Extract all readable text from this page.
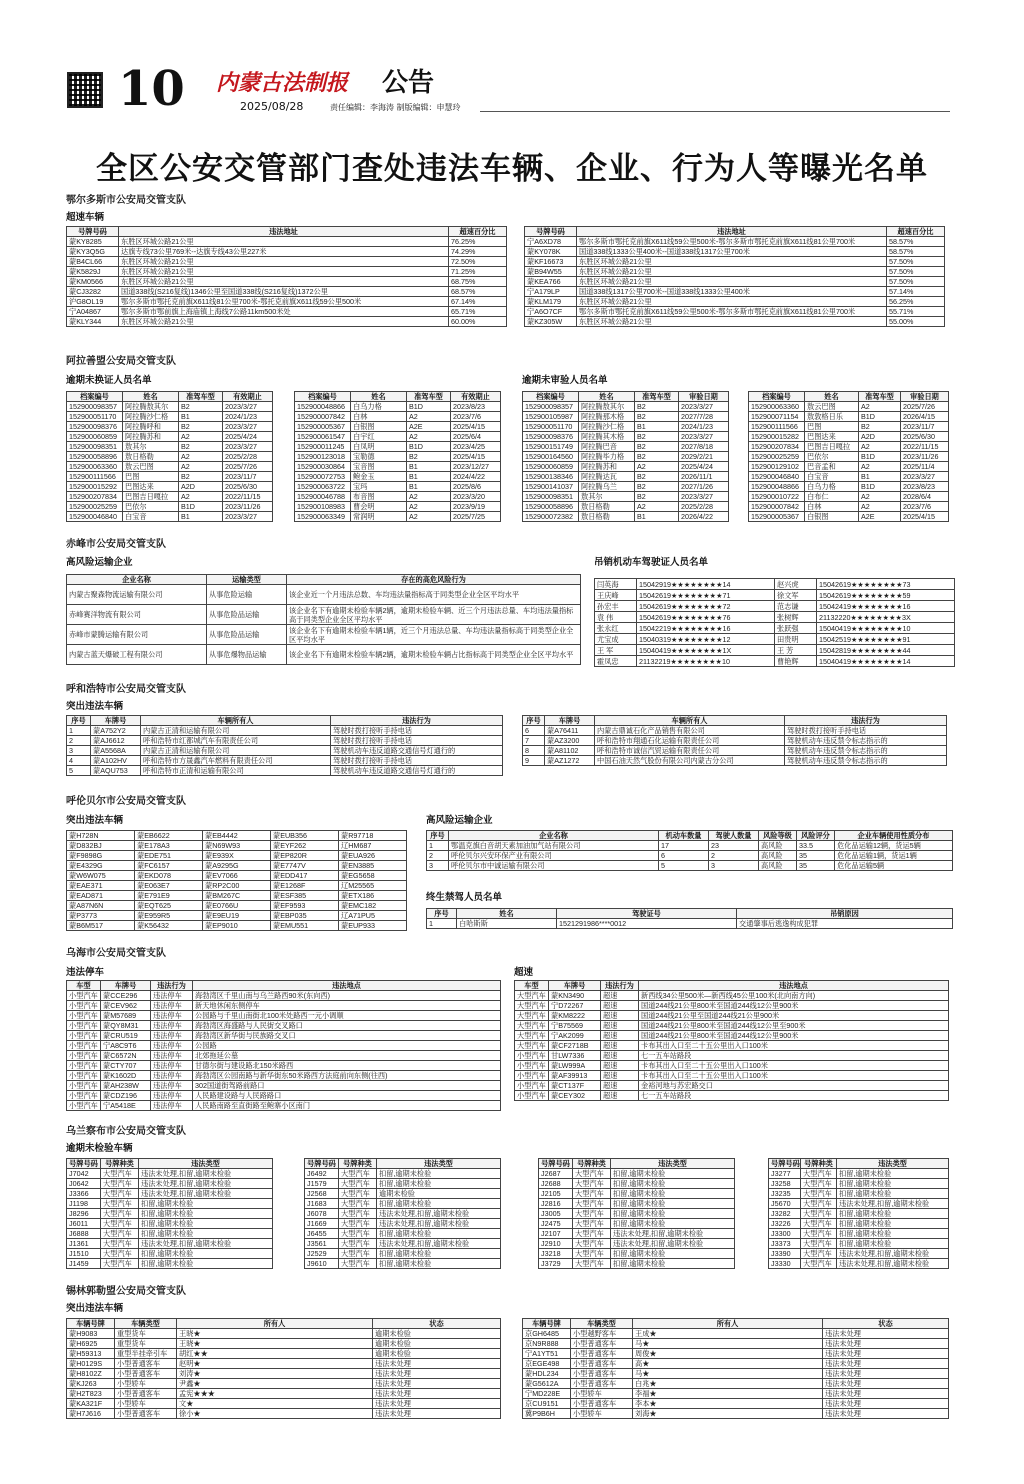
10 内蒙古法制报
2025/08/28
公告
责任编辑：李海涛 制版编辑：申慧玲
全区公安交管部门查处违法车辆、企业、行为人等曝光名单
鄂尔多斯市公安局交管支队
超速车辆
号牌号码	违法地址	超速百分比
蒙KY8285	东胜区环城公路21公里	76.25%
蒙KY3Q5G	达旗专线73公里769米--达旗专线43公里227米	74.29%
蒙B4CL66	东胜区环城公路21公里	72.50%
蒙K5829J	东胜区环城公路21公里	71.25%
蒙KM0566	东胜区环城公路21公里	68.75%
蒙CJ3282	国道338线(S216复线)1346公里至国道338线(S216复线)1372公里	68.57%
沪G8OL19	鄂尔多斯市鄂托克前旗X611线81公里700米-鄂托克前旗X611线59公里500米	67.14%
宁A04867	鄂尔多斯市鄂前旗上海庙镇上海线7公路11km500米处	65.71%
蒙KLY344	东胜区环城公路21公里	60.00%
号牌号码	违法地址	超速百分比
宁A6XD78	鄂尔多斯市鄂托克前旗X611线59公里500米-鄂尔多斯市鄂托克前旗X611线81公里700米	58.57%
蒙KY078K	国道338线1333公里400米--国道338线1317公里700米	58.57%
蒙KF16673	东胜区环城公路21公里	57.50%
蒙B94W55	东胜区环城公路21公里	57.50%
蒙KEA766	东胜区环城公路21公里	57.50%
宁A179LP	国道338线1317公里700米--国道338线1333公里400米	57.14%
蒙KLM179	东胜区环城公路21公里	56.25%
宁A6O7CF	鄂尔多斯市鄂托克前旗X611线59公里500米-鄂尔多斯市鄂托克前旗X611线81公里700米	55.71%
蒙KZ305W	东胜区环城公路21公里	55.00%
阿拉善盟公安局交管支队
逾期未换证人员名单	逾期未审验人员名单
档案编号	姓名	准驾车型	有效期止
152900098357	阿拉腾敖其尔	B2	2023/3/27
152900051170	阿拉腾沙仁格	B1	2024/1/23
152900098376	阿拉腾呼和	B2	2023/3/27
152900060859	阿拉腾苏和	A2	2025/4/24
152900098351	敖其尔	B2	2023/3/27
152900058896	敖日格勒	A2	2025/2/28
152900063360	敖云巴图	A2	2025/7/26
152900111566	巴图	B2	2023/11/7
152900015292	巴图达来	A2D	2025/6/30
152900207834	巴图吉日嘎拉	A2	2022/11/15
152900025259	巴依尔	B1D	2023/11/26
152900046840	白宝音	B1	2023/3/27
档案编号	姓名	准驾车型	有效期止
152900048866	白乌力格	B1D	2023/8/23
152900007842	白林	A2	2023/7/6
152900005367	白银图	A2E	2025/4/15
152900061547	白宇红	A2	2025/6/4
152900011245	白凤明	B1D	2023/4/25
152900123018	宝勒德	B2	2025/4/15
152900030864	宝音图	B1	2023/12/27
152900072753	鲍金玉	B1	2024/4/22
152900063722	宝玛	B1	2025/8/6
152900046788	布音图	A2	2023/3/20
152900108983	曹会明	A2	2023/9/19
152900063349	常润明	A2	2025/7/25
档案编号	姓名	准驾车型	审验日期
152900098357	阿拉腾敖其尔	B2	2023/3/27
152900105987	阿拉腾那木格	B2	2027/7/28
152900051170	阿拉腾沙仁格	B1	2024/1/23
152900098376	阿拉腾其木格	B2	2023/3/27
152900151749	阿拉腾巴音	B2	2027/8/18
152900164560	阿拉腾毕力格	B2	2029/2/21
152900060859	阿拉腾苏和	A2	2025/4/24
152900138346	阿拉腾达瓦	B2	2026/11/1
152900141037	阿拉腾乌兰	B2	2027/1/26
152900098351	敖其尔	B2	2023/3/27
152900058896	敖日格勒	A2	2025/2/28
152900072382	敖日格勒	B1	2026/4/22
档案编号	姓名	准驾车型	审验日期
152900063360	敖云巴图	A2	2025/7/26
152900071154	敖敦格日乐	B1D	2026/4/15
152900111566	巴图	B2	2023/11/7
152900015282	巴图达来	A2D	2025/6/30
152900207834	巴图吉日嘎拉	A2	2022/11/15
152900025259	巴依尔	B1D	2023/11/26
152900129102	巴音孟和	A2	2025/11/4
152900046840	白宝音	B1	2023/3/27
152900048866	白乌力格	B1D	2023/8/23
152900010722	白布仁	A2	2028/6/4
152900007842	白林	A2	2023/7/6
152900005367	白银图	A2E	2025/4/15
赤峰市公安局交管支队
高风险运输企业	吊销机动车驾驶证人员名单
企业名称	运输类型	存在的高危风险行为
内蒙古聚森物流运输有限公司	从事危险运输	该企业近一个月违法总数、车均违法量指标高于同类型企业全区平均水平
赤峰赛洋物流有限公司	从事危险品运输	该企业名下有逾期未检验车辆2辆，逾期未检验车辆、近三个月违法总量、车均违法量指标高于同类型企业全区平均水平
赤峰市蒙腾运输有限公司	从事危险品运输	该企业名下有逾期未检验车辆1辆，近三个月违法总量、车均违法量指标高于同类型企业全区平均水平
内蒙古蓝天爆破工程有限公司	从事危爆物品运输	该企业名下有逾期未检验车辆2辆，逾期未检验车辆占比指标高于同类型企业全区平均水平
闫英海	15042919★★★★★★★★14	赵兴虎	15042619★★★★★★★★73
王庆峰	15042619★★★★★★★★71	徐文军	15042619★★★★★★★★59
孙宏丰	15042619★★★★★★★★72	范志谦	15042419★★★★★★★★16
袁 伟	15042619★★★★★★★★76	张树辉	21132220★★★★★★★★3X
张永红	15042219★★★★★★★★16	张跃强	15040419★★★★★★★★10
尤宝成	15040319★★★★★★★★12	田贵明	15042519★★★★★★★★91
王 军	15040419★★★★★★★★1X	王 芳	15042819★★★★★★★★44
霍凤忠	21132219★★★★★★★★10	曹艳辉	15040419★★★★★★★★14
呼和浩特市公安局交管支队
突出违法车辆
序号	车牌号	车辆所有人	违法行为
1	蒙A752Y2	内蒙古正清和运输有限公司	驾驶时拨打接听手持电话
2	蒙AJ6612	呼和浩特市红都城汽车有限责任公司	驾驶时拨打接听手持电话
3	蒙A5568A	内蒙古正清和运输有限公司	驾驶机动车违反道路交通信号灯通行的
4	蒙A102HV	呼和浩特市方晟鑫汽车燃料有限责任公司	驾驶时拨打接听手持电话
5	蒙AQU753	呼和浩特市正清和运输有限公司	驾驶机动车违反道路交通信号灯通行的
序号	车牌号	车辆所有人	违法行为
6	蒙A76411	内蒙古鼎诚石化产品销售有限公司	驾驶时拨打接听手持电话
7	蒙AZ3200	呼和浩特市翔通石化运输有限责任公司	驾驶机动车违反禁令标志指示的
8	蒙A81102	呼和浩特市诚信汽贸运输有限责任公司	驾驶机动车违反禁令标志指示的
9	蒙AZ1272	中国石油天然气股份有限公司内蒙古分公司	驾驶机动车违反禁令标志指示的
呼伦贝尔市公安局交管支队
突出违法车辆	高风险运输企业
蒙H728N	蒙EB6622	蒙EB4442	蒙EUB356	蒙R97718
蒙D832BJ	蒙E178A3	蒙N69W93	蒙EYF262	辽HM687
蒙F9898G	蒙EDE751	蒙E939X	蒙EP820R	蒙EUA926
蒙E4329G	蒙FC6157	蒙A9295G	蒙E7747V	蒙EN3885
蒙W6W075	蒙EKD078	蒙EV7066	蒙EDD417	蒙EG5658
蒙EAE371	蒙E063E7	蒙RP2C00	蒙E1268F	辽M25565
蒙EAD871	蒙E791E9	蒙BM267C	蒙ESF385	蒙ETX186
蒙A87N6N	蒙EQT625	蒙E0766U	蒙EF9593	蒙EMC182
蒙P3773	蒙E959R5	蒙E9EU19	蒙EBP035	辽A71PU5
蒙B6M517	蒙K56432	蒙EP9010	蒙EMU551	蒙EUP933
序号	企业名称	机动车数量	驾驶人数量	风险等级	风险评分	企业车辆使用性质分布
1	鄂温克旗白音胡天素加油加气站有限公司	17	23	高风险	33.5	危化品运输12辆，货运5辆
2	呼伦贝尔兴安环保产业有限公司	6	2	高风险	35	危化品运输1辆，货运1辆
3	呼伦贝尔市中诚运输有限公司	5	3	高风险	35	危化品运输5辆
终生禁驾人员名单
序号	姓名	驾驶证号	吊销原因
1	白哈斯斯	1521291986****0012	交通肇事后逃逸构成犯罪
乌海市公安局交管支队
违法停车	超速
车型	车牌号	违法行为	违法地点
小型汽车	蒙CCE296	违法停车	海勃湾区千里山南与乌兰路西90米(东向西)
小型汽车	蒙CEV962	违法停车	新天地休闲东侧停车
小型汽车	蒙M57689	违法停车	公园路与千里山南街北100米处路西一元小调顺
小型汽车	蒙QY8M31	违法停车	海勃湾区海盛路与人民街交叉路口
小型汽车	蒙CRU519	违法停车	海勃湾区新华街与民族路交叉口
小型汽车	宁A8C9T6	违法停车	公园路
小型汽车	蒙C6572N	违法停车	北郊拖延公墓
小型汽车	蒙CTY707	违法停车	甘德尔街与建设路北150米路西
小型汽车	蒙K1602D	违法停车	海勃湾区公园南路与新华街东50米路西方法庭前向东侧(往西)
小型汽车	蒙AH238W	违法停车	302国道街驾路前路口
小型汽车	蒙CDZ196	违法停车	人民路建设路与人民路路口
小型汽车	宁A5418E	违法停车	人民路南路至直街路至鲍寨小区南门
车型	车牌号	违法行为	违法地点
大型汽车	蒙KN3490	超速	新西线34公里500米—新西线45公里100米(北向南方向)
大型汽车	宁D72267	超速	国道244线21公里800米至国道244线12公里900米
大型汽车	蒙KM8222	超速	国道244线21公里至国道244线21公里900米
大型汽车	宁B75569	超速	国道244线21公里800米至国道244线12公里至900米
大型汽车	宁AK2099	超速	国道244线21公里800米至国道244线12公里900米
大型汽车	蒙CF2718B	超速	卡布其出入口至二十五公里出入口100米
小型汽车	甘LW7336	超速	七一五车站路段
小型汽车	蒙LW999A	超速	卡布其出入口至二十五公里出入口100米
小型汽车	蒙AF39913	超速	卡布其出入口至二十五公里出入口100米
小型汽车	蒙CT137F	超速	金裕河地与苏宏路交口
小型汽车	蒙CEY302	超速	七一五车站路段
乌兰察布市公安局交管支队
逾期未检验车辆
号牌号码	号牌种类	违法类型
J7042	大型汽车	违法未处理,扣留,逾期未检验
J0642	大型汽车	违法未处理,扣留,逾期未检验
J3366	大型汽车	违法未处理,扣留,逾期未检验
J1198	大型汽车	扣留,逾期未检验
J8296	大型汽车	扣留,逾期未检验
J6011	大型汽车	扣留,逾期未检验
J6888	大型汽车	扣留,逾期未检验
J1361	大型汽车	违法未处理,扣留,逾期未检验
J1510	大型汽车	扣留,逾期未检验
J1459	大型汽车	扣留,逾期未检验
号牌号码	号牌种类	违法类型
J6492	大型汽车	扣留,逾期未检验
J1579	大型汽车	扣留,逾期未检验
J2568	大型汽车	逾期未检验
J1683	大型汽车	扣留,逾期未检验
J6078	大型汽车	违法未处理,扣留,逾期未检验
J1669	大型汽车	违法未处理,扣留,逾期未检验
J6455	大型汽车	扣留,逾期未检验
J3561	大型汽车	违法未处理,扣留,逾期未检验
J2529	大型汽车	扣留,逾期未检验
J9610	大型汽车	扣留,逾期未检验
号牌号码	号牌种类	违法类型
J2687	大型汽车	扣留,逾期未检验
J2688	大型汽车	扣留,逾期未检验
J2105	大型汽车	扣留,逾期未检验
J2816	大型汽车	扣留,逾期未检验
J3005	大型汽车	扣留,逾期未检验
J2475	大型汽车	扣留,逾期未检验
J2107	大型汽车	违法未处理,扣留,逾期未检验
J2910	大型汽车	违法未处理,扣留,逾期未检验
J3218	大型汽车	扣留,逾期未检验
J3729	大型汽车	扣留,逾期未检验
号牌号码	号牌种类	违法类型
J3277	大型汽车	扣留,逾期未检验
J3258	大型汽车	扣留,逾期未检验
J3235	大型汽车	扣留,逾期未检验
J5670	大型汽车	违法未处理,扣留,逾期未检验
J3282	大型汽车	扣留,逾期未检验
J3226	大型汽车	扣留,逾期未检验
J3300	大型汽车	扣留,逾期未检验
J3373	大型汽车	扣留,逾期未检验
J3390	大型汽车	违法未处理,扣留,逾期未检验
J3330	大型汽车	违法未处理,扣留,逾期未检验
锡林郭勒盟公安局交管支队
突出违法车辆
车辆号牌	车辆类型	所有人	状态
蒙H9083	重型货车	王晓★	逾期未检验
蒙H6925	重型货车	王晓★	逾期未检验
蒙H59313	重型半挂牵引车	胡红★★	逾期未检验
蒙H0129S	小型普通客车	赵明★	违法未处理
蒙H8102Z	小型普通客车	刘涛★	违法未处理
蒙KJ263	小型轿车	尹鑫★	违法未处理
蒙H2T823	小型普通客车	孟宪★★★	违法未处理
蒙KA321F	小型轿车	文★	违法未处理
蒙H7J616	小型普通客车	徐小★	违法未处理
车辆号牌	车辆类型	所有人	状态
京GH6485	小型越野客车	王成★	违法未处理
京N9R888	小型普通客车	马★	违法未处理
宁A1YT51	小型普通客车	周俊★	违法未处理
京EGE498	小型普通客车	高★	违法未处理
蒙HDL234	小型普通客车	马★	违法未处理
蒙G5612A	小型普通客车	白兆★	违法未处理
宁MD228E	小型轿车	李福★	违法未处理
京CU9151	小型普通客车	李本★	违法未处理
冀P9B6H	小型轿车	刘海★	违法未处理
